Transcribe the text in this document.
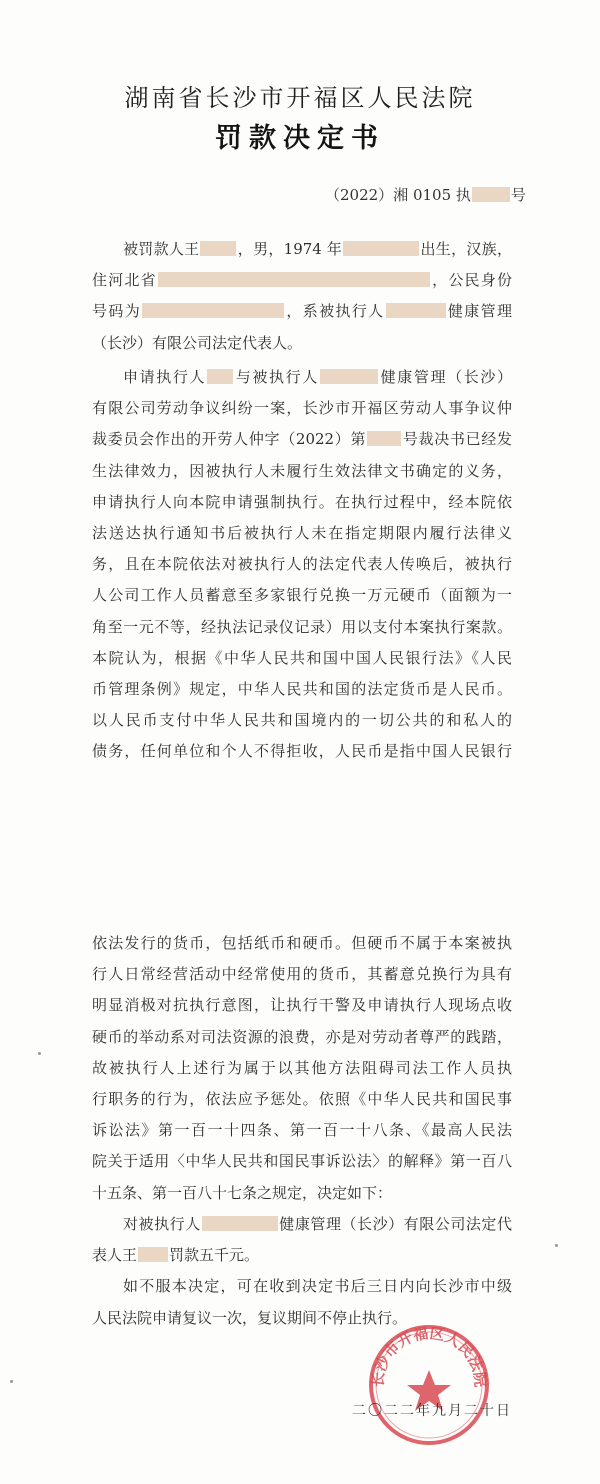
湖南省长沙市开福区人民法院
罚款决定书
（2022）湘 0105 执	号
被罚款人王	，男，1974 年	出生，汉族，
住河北省	，公民身份
号码为	，系被执行人	健康管理
（长沙）有限公司法定代表人。
申请执行人 与被执行人	健康管理（长沙）
有限公司劳动争议纠纷一案，长沙市开福区劳动人事争议仲
裁委员会作出的开劳人仲字（2022）第 号裁决书已经发
生法律效力，因被执行人未履行生效法律文书确定的义务，
申请执行人向本院申请强制执行。在执行过程中，经本院依
法送达执行通知书后被执行人未在指定期限内履行法律义
务，且在本院依法对被执行人的法定代表人传唤后，被执行
人公司工作人员蓄意至多家银行兑换一万元硬币（面额为一
角至一元不等，经执法记录仪记录）用以支付本案执行案款。
本院认为，根据《中华人民共和国中国人民银行法》《人民
币管理条例》规定，中华人民共和国的法定货币是人民币。
以人民币支付中华人民共和国境内的一切公共的和私人的
债务，任何单位和个人不得拒收，人民币是指中国人民银行
依法发行的货币，包括纸币和硬币。但硬币不属于本案被执
行人日常经营活动中经常使用的货币，其蓄意兑换行为具有
明显消极对抗执行意图，让执行干警及申请执行人现场点收
硬币的举动系对司法资源的浪费，亦是对劳动者尊严的践踏，
故被执行人上述行为属于以其他方法阻碍司法工作人员执
行职务的行为，依法应予惩处。依照《中华人民共和国民事
诉讼法》第一百一十四条、第一百一十八条、《最高人民法
院关于适用〈中华人民共和国民事诉讼法〉的解释》第一百八
十五条、第一百八十七条之规定，决定如下：
对被执行人	健康管理（长沙）有限公司法定代
表人王 罚款五千元。
如不服本决定，可在收到决定书后三日内向长沙市中级
人民法院申请复议一次，复议期间不停止执行。
长沙市开福区人民法院
二〇二二年九月二十日
